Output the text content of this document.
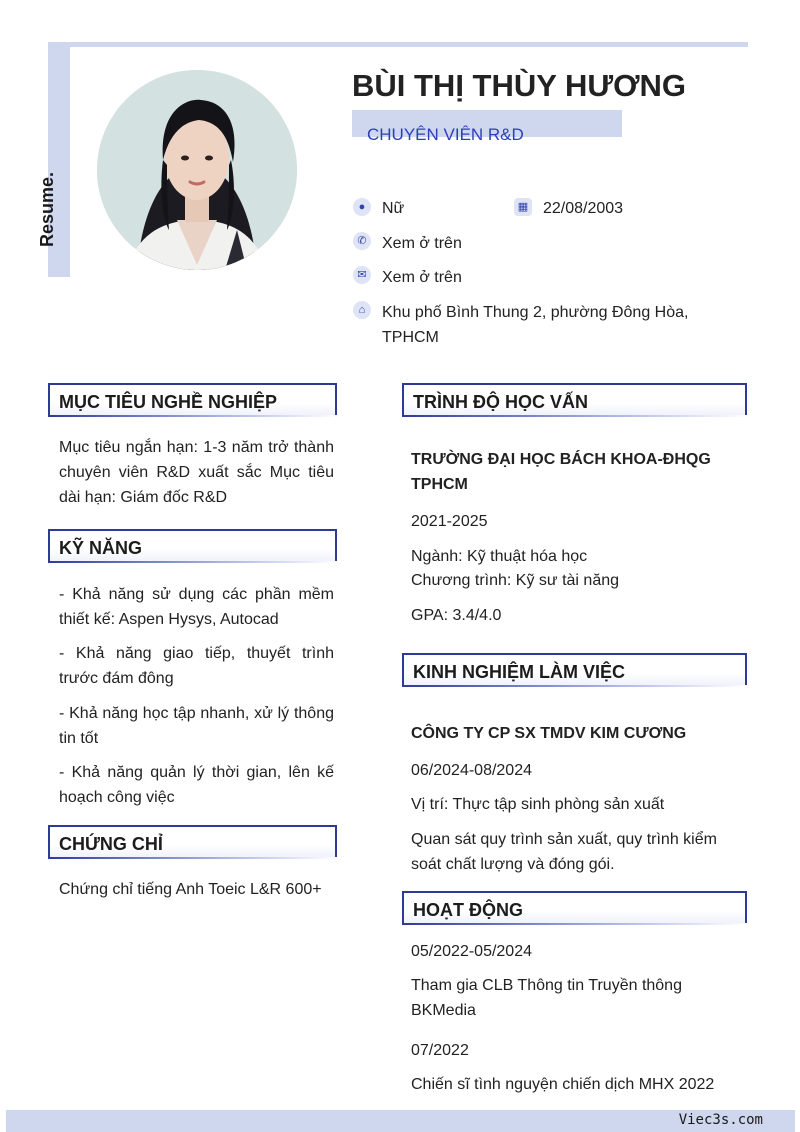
Resume.
BÙI THỊ THÙY HƯƠNG
CHUYÊN VIÊN R&D
●	Nữ	▦ 22/08/2003
✆ Xem ở trên
✉ Xem ở trên
⌂	Khu phố Bình Thung 2, phường Đông Hòa, TPHCM
MỤC TIÊU NGHỀ NGHIỆP
Mục tiêu ngắn hạn: 1-3 năm trở thành chuyên viên R&D xuất sắc Mục tiêu dài hạn: Giám đốc R&D
KỸ NĂNG
- Khả năng sử dụng các phần mềm thiết kế: Aspen Hysys, Autocad
- Khả năng giao tiếp, thuyết trình trước đám đông
- Khả năng học tập nhanh, xử lý thông tin tốt
- Khả năng quản lý thời gian, lên kế hoạch công việc
CHỨNG CHỈ
Chứng chỉ tiếng Anh Toeic L&R 600+
TRÌNH ĐỘ HỌC VẤN
TRƯỜNG ĐẠI HỌC BÁCH KHOA-ĐHQG TPHCM
2021-2025
Ngành: Kỹ thuật hóa học
Chương trình: Kỹ sư tài năng
GPA: 3.4/4.0
KINH NGHIỆM LÀM VIỆC
CÔNG TY CP SX TMDV KIM CƯƠNG
06/2024-08/2024
Vị trí: Thực tập sinh phòng sản xuất
Quan sát quy trình sản xuất, quy trình kiểm soát chất lượng và đóng gói.
HOẠT ĐỘNG
05/2022-05/2024
Tham gia CLB Thông tin Truyền thông BKMedia
07/2022
Chiến sĩ tình nguyện chiến dịch MHX 2022
Viec3s.com
